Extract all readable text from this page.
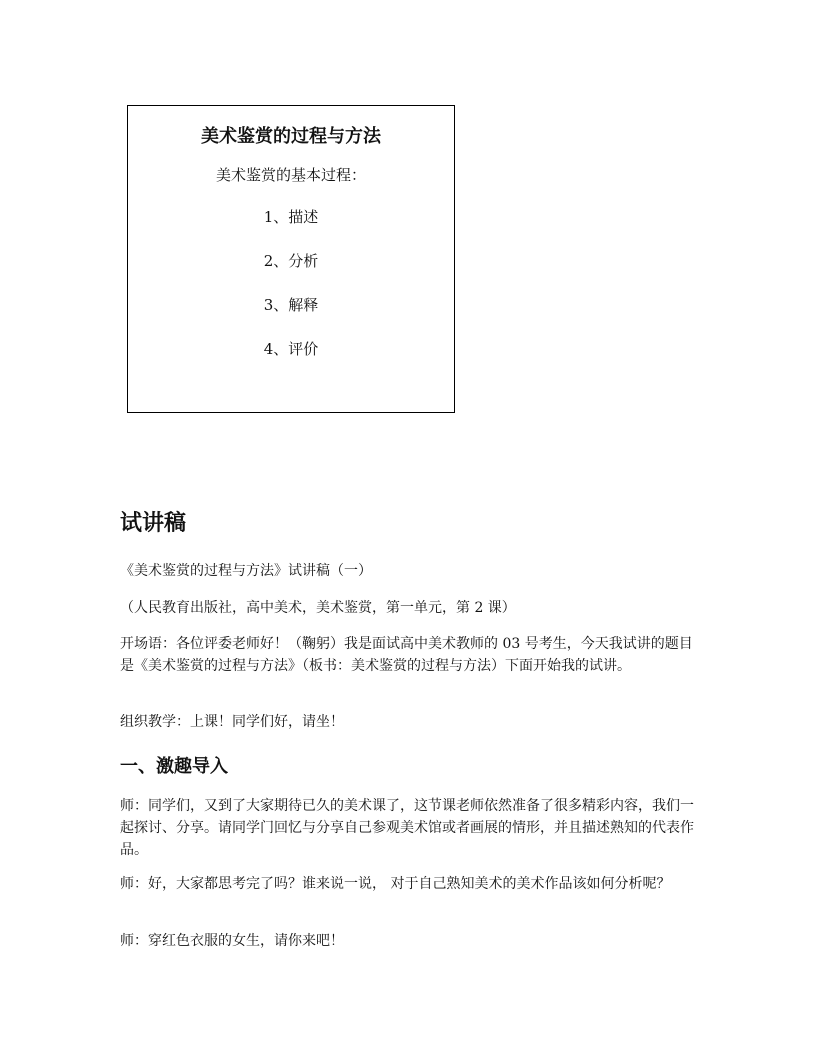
美术鉴赏的过程与方法
美术鉴赏的基本过程：
1、描述
2、分析
3、解释
4、评价
试讲稿
《美术鉴赏的过程与方法》试讲稿（一）
（人民教育出版社，高中美术，美术鉴赏，第一单元，第 2 课）
开场语：各位评委老师好！（鞠躬）我是面试高中美术教师的 03 号考生，今天我试讲的题目是《美术鉴赏的过程与方法》（板书：美术鉴赏的过程与方法）下面开始我的试讲。
组织教学：上课！同学们好，请坐！
一、激趣导入
师：同学们，又到了大家期待已久的美术课了，这节课老师依然准备了很多精彩内容，我们一起探讨、分享。请同学门回忆与分享自己参观美术馆或者画展的情形，并且描述熟知的代表作品。
师：好，大家都思考完了吗？谁来说一说， 对于自己熟知美术的美术作品该如何分析呢？
师：穿红色衣服的女生，请你来吧！
